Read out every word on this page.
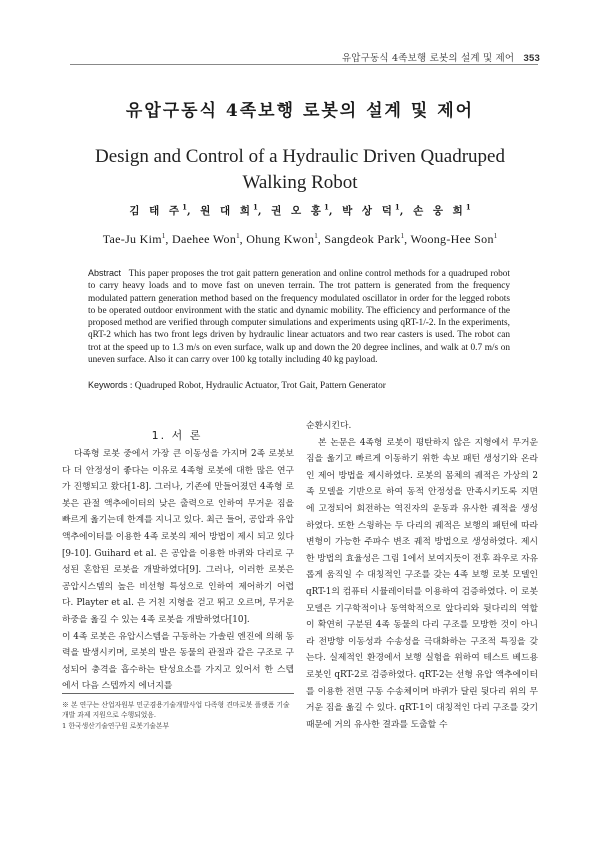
유압구동식 4족보행 로봇의 설계 및 제어 353
유압구동식 4족보행 로봇의 설계 및 제어
Design and Control of a Hydraulic Driven Quadruped Walking Robot
김 태 주$^1$, 원 대 희$^1$, 권 오 홍$^1$, 박 상 덕$^1$, 손 웅 희$^1$
Tae-Ju Kim$^1$, Daehee Won$^1$, Ohung Kwon$^1$, Sangdeok Park$^1$, Woong-Hee Son$^1$
Abstract This paper proposes the trot gait pattern generation and online control methods for a quadruped robot to carry heavy loads and to move fast on uneven terrain. The trot pattern is generated from the frequency modulated pattern generation method based on the frequency modulated oscillator in order for the legged robots to be operated outdoor environment with the static and dynamic mobility. The efficiency and performance of the proposed method are verified through computer simulations and experiments using qRT-1/-2. In the experiments, qRT-2 which has two front legs driven by hydraulic linear actuators and two rear casters is used. The robot can trot at the speed up to 1.3 m/s on even surface, walk up and down the 20 degree inclines, and walk at 0.7 m/s on uneven surface. Also it can carry over 100 kg totally including 40 kg payload.
Keywords : Quadruped Robot, Hydraulic Actuator, Trot Gait, Pattern Generator
1. 서 론

다족형 로봇 중에서 가장 큰 이동성을 가지며 2족 로봇보다 더 안정성이 좋다는 이유로 4족형 로봇에 대한 많은 연구가 진행되고 왔다[1-8]. 그러나, 기존에 만들어졌던 4족형 로봇은 관절 액추에이터의 낮은 출력으로 인하여 무거운 짐을 빠르게 옮기는데 한계를 지니고 있다. 최근 들어, 공압과 유압 액추에이터를 이용한 4족 로봇의 제어 방법이 제시 되고 있다[9-10]. Guihard et al. 은 공압을 이용한 바퀴와 다리로 구성된 혼합된 로봇을 개발하였다[9]. 그러나, 이러한 로봇은 공압시스템의 높은 비선형 특성으로 인하여 제어하기 어렵다. Playter et al. 은 거친 지형을 걷고 뛰고 오르며, 무거운 하중을 옮길 수 있는 4족 로봇을 개발하였다[10].

이 4족 로봇은 유압시스템을 구동하는 가솔린 엔진에 의해 동력을 발생시키며, 로봇의 발은 동물의 관절과 같은 구조로 구성되어 충격을 흡수하는 탄성요소를 가지고 있어서 한 스텝에서 다음 스텝까지 에너지를

순환시킨다.

본 논문은 4족형 로봇이 평탄하지 않은 지형에서 무거운 짐을 옮기고 빠르게 이동하기 위한 속보 패턴 생성기와 온라인 제어 방법을 제시하였다. 로봇의 몸체의 궤적은 가상의 2족 모델을 기반으로 하여 동적 안정성을 만족시키도록 지면에 고정되어 회전하는 역진자의 운동과 유사한 궤적을 생성하였다. 또한 스윙하는 두 다리의 궤적은 보행의 패턴에 따라 변형이 가능한 주파수 변조 궤적 방법으로 생성하였다. 제시한 방법의 효율성은 그림 1에서 보여지듯이 전후 좌우로 자유롭게 움직일 수 대칭적인 구조를 갖는 4족 보행 로봇 모델인 qRT-1의 컴퓨터 시뮬레이터를 이용하여 검증하였다. 이 로봇 모델은 기구학적이나 동역학적으로 앞다리와 뒷다리의 역할이 확연히 구분된 4족 동물의 다리 구조를 모방한 것이 아니라 전방향 이동성과 수송성을 극대화하는 구조적 특징을 갖는다. 실제적인 환경에서 보행 실험을 위하여 테스트 베드용 로봇인 qRT-2로 검증하였다. qRT-2는 선형 유압 액추에이터를 이용한 전면 구동 수송체이며 바퀴가 달린 뒷다리 위의 무거운 짐을 옮길 수 있다. qRT-1이 대칭적인 다리 구조를 갖기 때문에 거의 유사한 결과를 도출할 수

※ 본 연구는 산업자원부 민군겸용기술개발사업 다족형 견마로봇 플랫폼 기술개발 과제 지원으로 수행되었음.
1 한국생산기술연구원 로봇기술본부
